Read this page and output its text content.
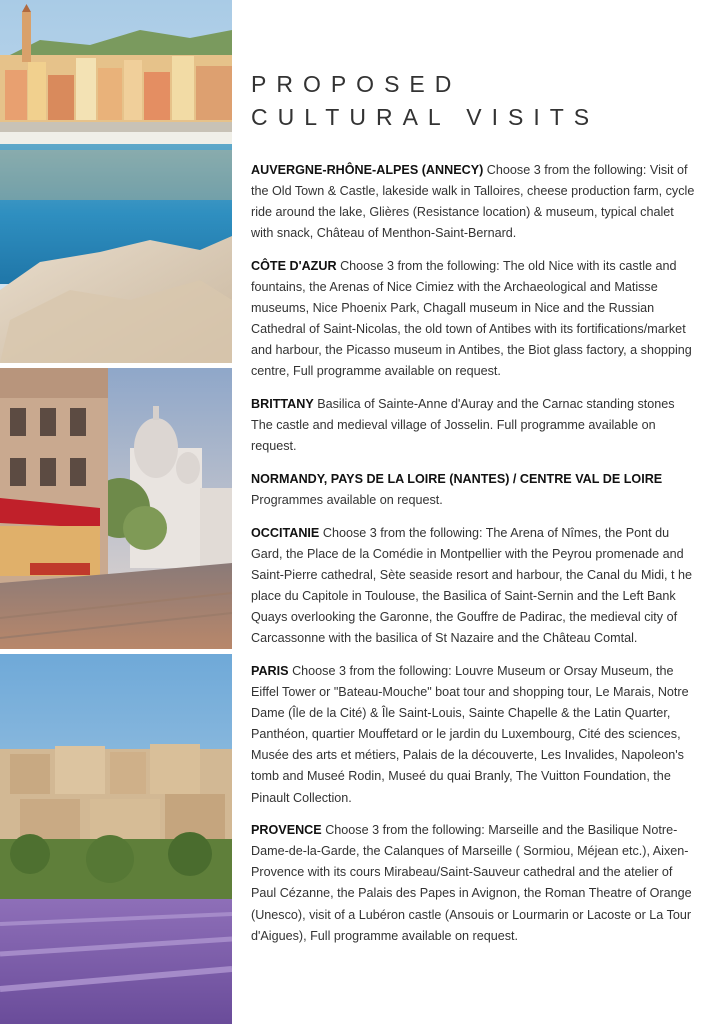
PROPOSED
CULTURAL VISITS

AUVERGNE-RHÔNE-ALPES (ANNECY) Choose 3 from the following: Visit of the Old Town & Castle, lakeside walk in Talloires, cheese production farm, cycle ride around the lake, Glières (Resistance location) & museum, typical chalet with snack, Château of Menthon-Saint-Bernard.

CÔTE D'AZUR Choose 3 from the following: The old Nice with its castle and fountains, the Arenas of Nice Cimiez with the Archaeological and Matisse museums, Nice Phoenix Park, Chagall museum in Nice and the Russian Cathedral of Saint-Nicolas, the old town of Antibes with its fortifications/market and harbour, the Picasso museum in Antibes, the Biot glass factory, a shopping centre, Full programme available on request.

BRITTANY Basilica of Sainte-Anne d'Auray and the Carnac standing stones The castle and medieval village of Josselin. Full programme available on request.

NORMANDY, PAYS DE LA LOIRE (NANTES) / CENTRE VAL DE LOIRE
Programmes available on request.

OCCITANIE Choose 3 from the following: The Arena of Nîmes, the Pont du Gard, the Place de la Comédie in Montpellier with the Peyrou promenade and Saint-Pierre cathedral, Sète seaside resort and harbour, the Canal du Midi, t he place du Capitole in Toulouse, the Basilica of Saint-Sernin and the Left Bank Quays overlooking the Garonne, the Gouffre de Padirac, the medieval city of Carcassonne with the basilica of St Nazaire and the Château Comtal.

PARIS Choose 3 from the following: Louvre Museum or Orsay Museum, the Eiffel Tower or "Bateau-Mouche" boat tour and shopping tour, Le Marais, Notre Dame (Île de la Cité) & Île Saint-Louis, Sainte Chapelle & the Latin Quarter, Panthéon, quartier Mouffetard or le jardin du Luxembourg, Cité des sciences, Musée des arts et métiers, Palais de la découverte, Les Invalides, Napoleon's tomb and Museé Rodin, Museé du quai Branly, The Vuitton Foundation, the Pinault Collection.

PROVENCE Choose 3 from the following: Marseille and the Basilique Notre-Dame-de-la-Garde, the Calanques of Marseille ( Sormiou, Méjean etc.), Aixen-Provence with its cours Mirabeau/Saint-Sauveur cathedral and the atelier of Paul Cézanne, the Palais des Papes in Avignon, the Roman Theatre of Orange (Unesco), visit of a Lubéron castle (Ansouis or Lourmarin or Lacoste or La Tour d'Aigues), Full programme available on request.
